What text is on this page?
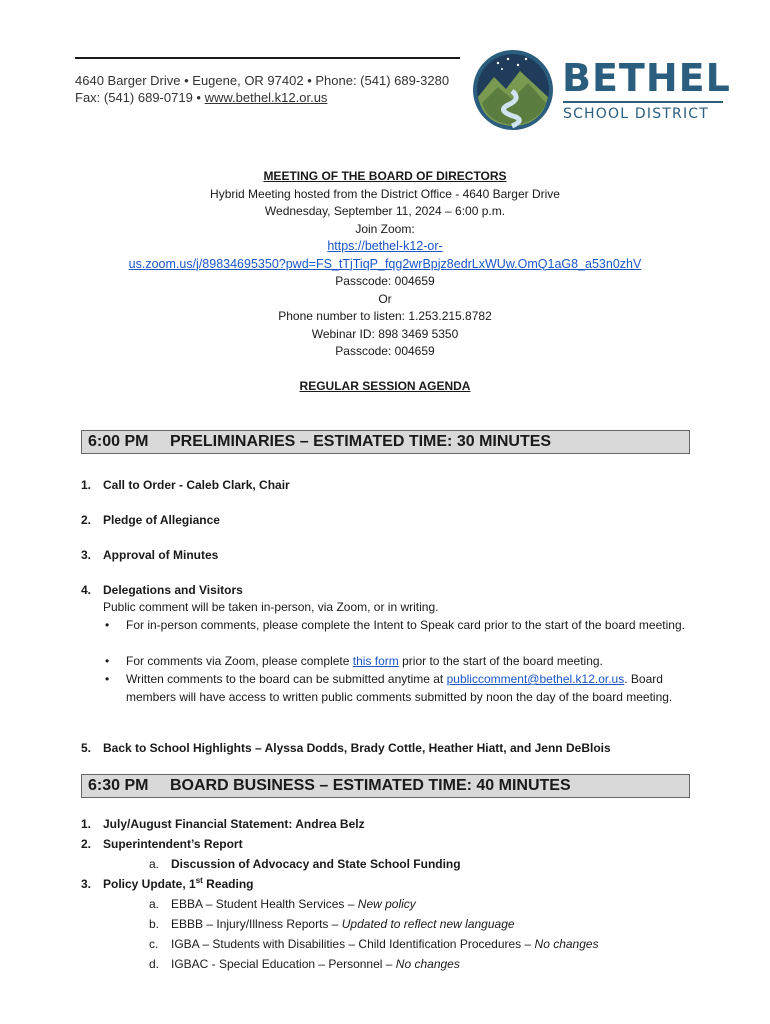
4640 Barger Drive • Eugene, OR 97402 • Phone: (541) 689-3280
Fax: (541) 689-0719 • www.bethel.k12.or.us	BETHEL
SCHOOL DISTRICT
MEETING OF THE BOARD OF DIRECTORS
Hybrid Meeting hosted from the District Office - 4640 Barger Drive
Wednesday, September 11, 2024 – 6:00 p.m.
Join Zoom:
https://bethel-k12-or-
us.zoom.us/j/89834695350?pwd=FS_tTjTiqP_fqg2wrBpjz8edrLxWUw.OmQ1aG8_a53n0zhV
Passcode: 004659
Or
Phone number to listen: 1.253.215.8782
Webinar ID: 898 3469 5350
Passcode: 004659
REGULAR SESSION AGENDA
6:00 PM PRELIMINARIES – ESTIMATED TIME: 30 MINUTES
1. Call to Order - Caleb Clark, Chair
2. Pledge of Allegiance
3. Approval of Minutes
4. Delegations and Visitors
Public comment will be taken in-person, via Zoom, or in writing.
• For in-person comments, please complete the Intent to Speak card prior to the start of the board meeting.
• For comments via Zoom, please complete this form prior to the start of the board meeting.
• Written comments to the board can be submitted anytime at publiccomment@bethel.k12.or.us. Board members will have access to written public comments submitted by noon the day of the board meeting.
5. Back to School Highlights – Alyssa Dodds, Brady Cottle, Heather Hiatt, and Jenn DeBlois
6:30 PM BOARD BUSINESS – ESTIMATED TIME: 40 MINUTES
1. July/August Financial Statement: Andrea Belz
2. Superintendent’s Report
a. Discussion of Advocacy and State School Funding
3. Policy Update, 1st Reading
a. EBBA – Student Health Services – New policy
b. EBBB – Injury/Illness Reports – Updated to reflect new language
c. IGBA – Students with Disabilities – Child Identification Procedures – No changes
d. IGBAC - Special Education – Personnel – No changes
